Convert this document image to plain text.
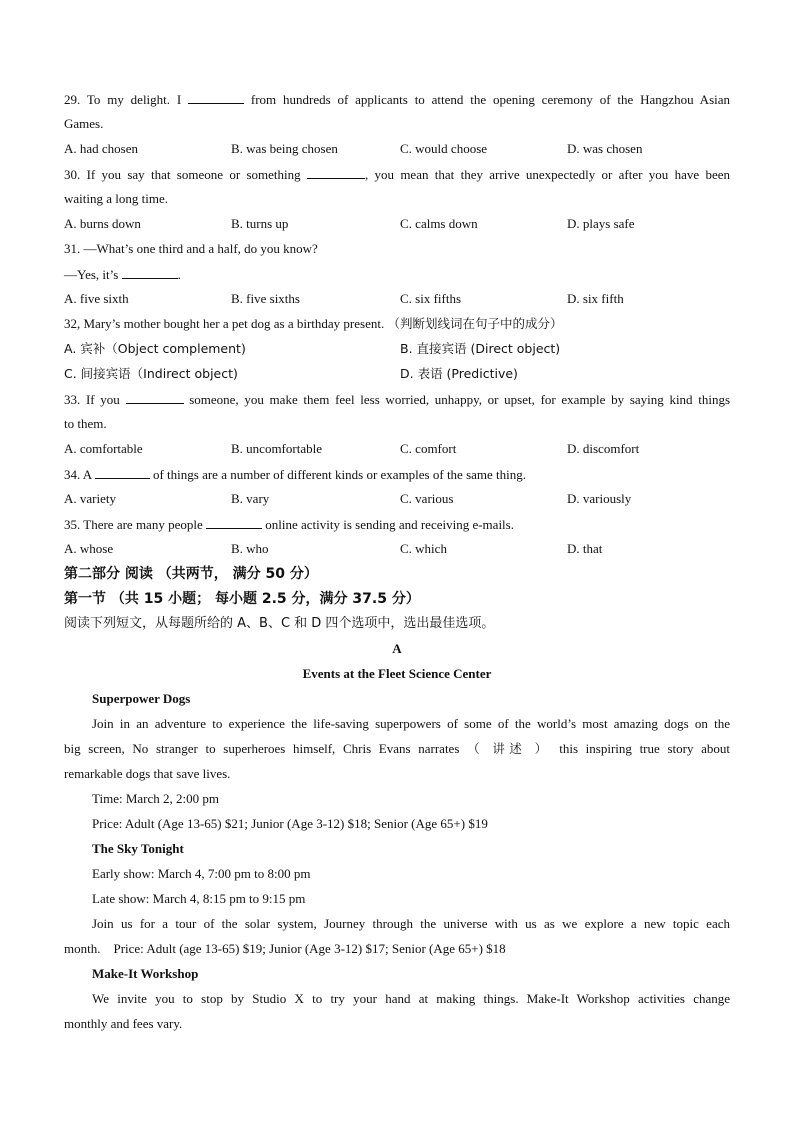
29. To my delight. I	from hundreds of applicants to attend the opening ceremony of the Hangzhou Asian
Games.
A. had chosen	B. was being chosen	C. would choose	D. was chosen
30. If you say that someone or something	, you mean that they arrive unexpectedly or after you have been
waiting a long time.
A. burns down	B. turns up	C. calms down	D. plays safe
31. —What’s one third and a half, do you know?
—Yes, it’s	.
A. five sixth	B. five sixths	C. six fifths	D. six fifth
32, Mary’s mother bought her a pet dog as a birthday present. （判断划线词在句子中的成分）
A. 宾补（Object complement)	B. 直接宾语 (Direct object)
C. 间接宾语（Indirect object)	D. 表语 (Predictive)
33. If you	someone, you make them feel less worried, unhappy, or upset, for example by saying kind things
to them.
A. comfortable	B. uncomfortable	C. comfort	D. discomfort
34. A	of things are a number of different kinds or examples of the same thing.
A. variety	B. vary	C. various	D. variously
35. There are many people	online activity is sending and receiving e-mails.
A. whose	B. who	C. which	D. that
第二部分 阅读 （共两节， 满分 50 分）
第一节 （共 15 小题； 每小题 2.5 分，满分 37.5 分）
阅读下列短文，从每题所给的 A、B、C 和 D 四个选项中，选出最佳选项。
A
Events at the Fleet Science Center
Superpower Dogs
Join in an adventure to experience the life-saving superpowers of some of the world’s most amazing dogs on the
big screen, No stranger to superheroes himself, Chris Evans narrates （ 讲述 ） this inspiring true story about
remarkable dogs that save lives.
Time: March 2, 2:00 pm
Price: Adult (Age 13-65) $21; Junior (Age 3-12) $18; Senior (Age 65+) $19
The Sky Tonight
Early show: March 4, 7:00 pm to 8:00 pm
Late show: March 4, 8:15 pm to 9:15 pm
Join us for a tour of the solar system, Journey through the universe with us as we explore a new topic each
month.    Price: Adult (age 13-65) $19; Junior (Age 3-12) $17; Senior (Age 65+) $18
Make-It Workshop
We invite you to stop by Studio X to try your hand at making things. Make-It Workshop activities change
monthly and fees vary.
